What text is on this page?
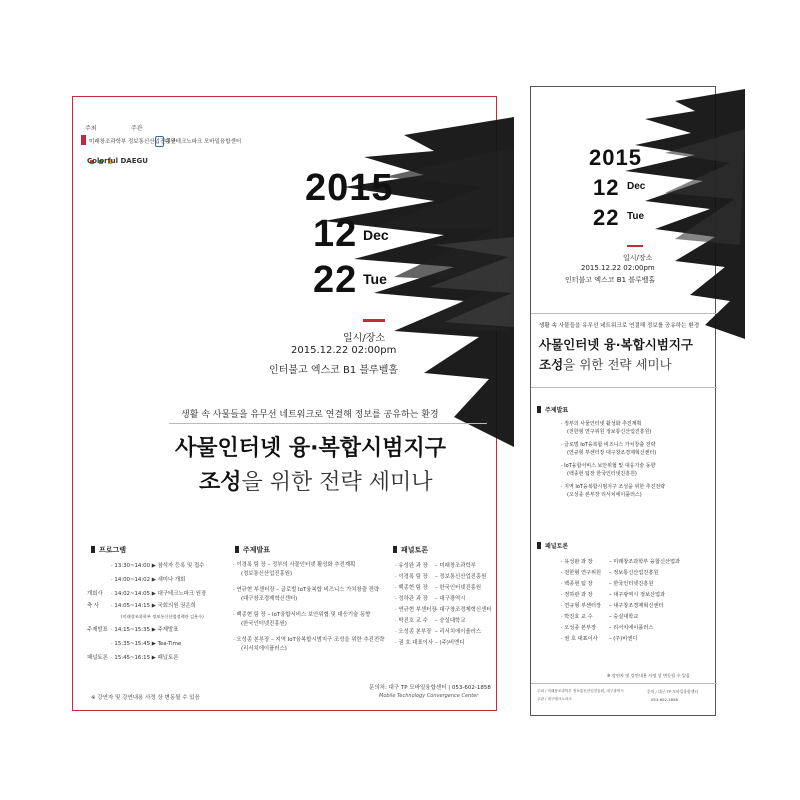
주최	주관
미래창조과학부 정보통신산업진흥원
대구테크노파크 모바일융합센터

Colorful DAEGU
2015
12 Dec
22 Tue
일시/장소
2015.12.22 02:00pm
인터불고 엑스코 B1 블루벨홀
생활 속 사물들을 유무선 네트워크로 연결해 정보를 공유하는 환경
사물인터넷 융·복합시범지구
조성을 위한 전략 세미나
프로그램
· 13:30~14:00 ▶ 참석자 등록 및 접수
· 14:00~14:02 ▶ 세미나 개회
개회사 · 14:02~14:05 ▶ 대구테크노파크 원장
축 사 · 14:05~14:15 ▶ 국회의원 권은희
(미래창조과학부 정보통신산업정책관 김용수)
주제발표 · 14:15~15:35 ▶ 주제발표
· 15:35~15:45 ▶ Tea-Time
패널토론 · 15:45~16:15 ▶ 패널토론
주제발표
· 이경록 팀 장 – 정부의 사물인터넷 활성화 추진계획
(정보통신산업진흥원)
· 연규현 부센터장 – 글로벌 IoT융복합 비즈니스 가치창출 전략
(대구창조경제혁신센터)
· 백종현 팀 장 – IoT융합서비스 보안위협 및 대응기술 동향
(한국인터넷진흥원)
· 오성종 본부장 – 지역 IoT융복합시범지구 조성을 위한 추진전략
(리서치에이플러스)
패널토론
· 유성완 과 장 – 미래창조과학부
· 이경록 팀 장 – 정보통신산업진흥원
· 백종현 팀 장 – 한국인터넷진흥원
· 정하관 과 장 – 대구광역시
· 연규현 부센터장– 대구창조경제혁신센터
· 박진호 교 수 – 숭실대학교
· 오성종 본부장 – 리서치에이플러스
· 권 호 대표이사 – (주)비엔디
문의처: 대구 TP 모바일융합센터 | 053-602-1858
Mobile Technology Convergence Center
※ 강연자 및 강연내용 사정 상 변동될 수 있음
2015
12 Dec
22 Tue
일시/장소
2015.12.22 02:00pm
인터불고 엑스코 B1 블루벨홀
생활 속 사물들을 유무선 네트워크로 연결해 정보를 공유하는 환경
사물인터넷 융·복합시범지구
조성을 위한 전략 세미나
주제발표
· 정부의 사물인터넷 활성화 추진계획
(전한형 연구위원 정보통신산업진흥원)
· 글로벌 IoT융복합 비즈니스 가치창출 전략
(연규형 부센터장 대구창조경제혁신센터)
· IoT융합서비스 보안위협 및 대응기술 동향
(백종현 팀장 한국인터넷진흥원)
· 지역 IoT융복합시범지구 조성을 위한 추진전략
(오성종 본부장 리서치에이플러스)
패널토론
· 유성완 과 장	– 미래창조과학부 융합신산업과
· 전한형 연구위원 – 정보통신산업진흥원
· 백종현 팀 장	– 한국인터넷진흥원
· 정하관 과 장	– 대구광역시 정보산업과
· 연규형 부센터장 – 대구창조경제혁신센터
· 박진호 교 수	– 숭실대학교
· 오성종 본부장 – 리서치에이플러스
· 권 호 대표이사 – (주)비엔디
※ 강연자 및 강연내용 사정 상 변동될 수 있음
주최 / 미래창조과학부 정보통신산업진흥원, 대구광역시
주관 / 대구테크노파크
문의 / 대구 TP 모바일융합센터
053-602-1858
